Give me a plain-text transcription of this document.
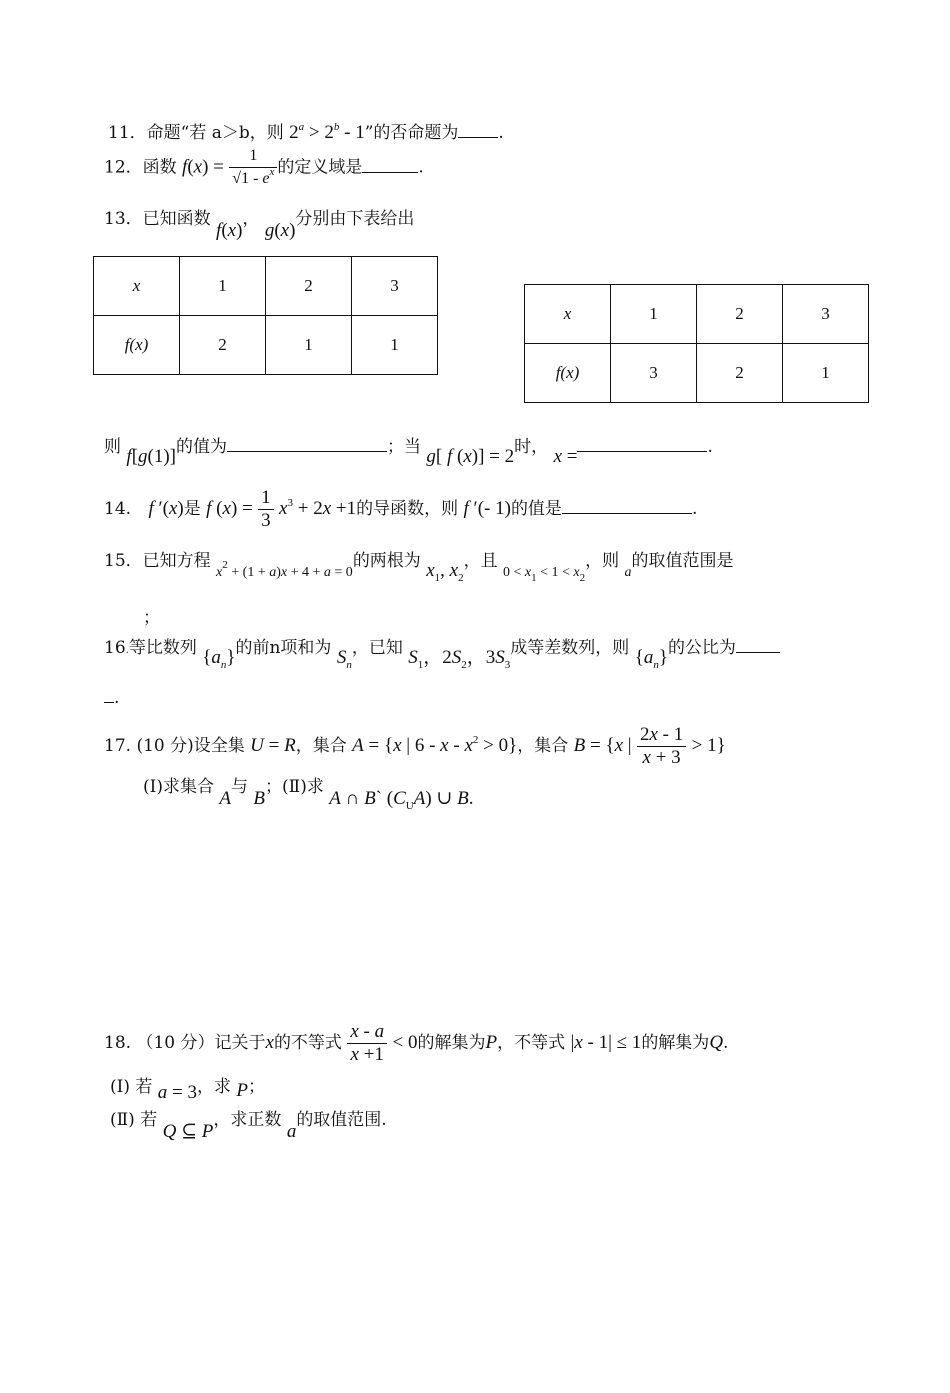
11．命题“若 a＞b，则 $2^a > 2^b - 1$”的否命题为 .
12．函数 $f(x) = \frac{1}{√1 - e^x}$ 的定义域是	.
13．已知函数 f(x)， g(x)分别由下表给出
x	1	2	3
f(x)	2	1	1
x	1	2	3
f(x)	3	2	1
则 f[g(1)]的值为	；当 g[ f (x)] = 2时， x =	.
14. f ′(x)是 f $(x) = \frac{1}{3} x^3 + 2x +1$的导函数，则 f ′(- 1)的值是	.
15．已知方程 $_{x^2 + (1 + a)x + 4 + a = 0}$的两根为 $x_1$, $x_2$，且 $_{0 < x_1 < 1 < x_2}$，则 $_a$的取值范围是
；
16.等比数列 $\{a_n\}$的前n项和为 $S_n$，已知 $S_1$，$2S_2$，$3S_3$成等差数列，则 $\{a_n\}$的公比为
.
17. (10 分)设全集 U = R，集合 A = {x | $6 - x - x^2 > 0$}，集合 B = {x | $\frac{2x - 1}{x + 3} > 1$}
(Ⅰ)求集合 A与 B；(Ⅱ)求 A ∩ B` $(C_UA)$ ∪ B.
18. （10 分）记关于x的不等式 $\frac{x - a}{x +1} < 0$的解集为P，不等式 |x - 1| ≤ 1的解集为Q.
(Ⅰ) 若 a = 3，求 P；
(Ⅱ) 若 Q ⊆ P，求正数 a的取值范围.
